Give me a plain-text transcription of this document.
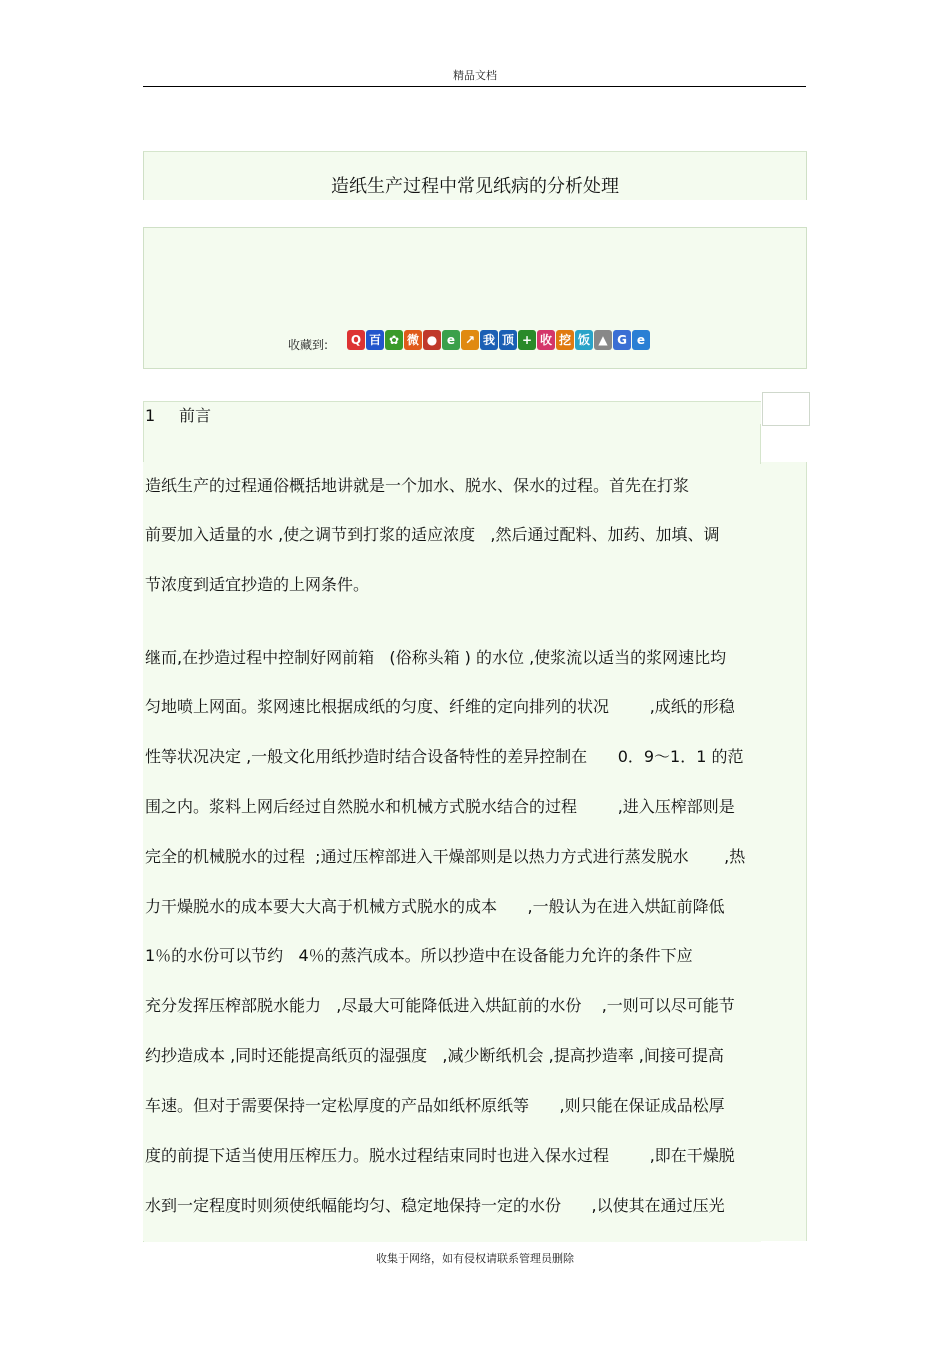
精品文档
造纸生产过程中常见纸病的分析处理
收藏到:	Q 百 ✿ 微 ● e ↗ 我 顶 + 收 挖 饭 ▲ G e
1 前言
造纸生产的过程通俗概括地讲就是一个加水、脱水、保水的过程。首先在打浆
前要加入适量的水 ,使之调节到打浆的适应浓度   ,然后通过配料、加药、加填、调
节浓度到适宜抄造的上网条件。
继而,在抄造过程中控制好网前箱   (俗称头箱 ) 的水位 ,使浆流以适当的浆网速比均
匀地喷上网面。浆网速比根据成纸的匀度、纤维的定向排列的状况        ,成纸的形稳
性等状况决定 ,一般文化用纸抄造时结合设备特性的差异控制在      0．9～1．1 的范
围之内。浆料上网后经过自然脱水和机械方式脱水结合的过程        ,进入压榨部则是
完全的机械脱水的过程  ;通过压榨部进入干燥部则是以热力方式进行蒸发脱水       ,热
力干燥脱水的成本要大大高于机械方式脱水的成本      ,一般认为在进入烘缸前降低
1％的水份可以节约   4％的蒸汽成本。所以抄造中在设备能力允许的条件下应
充分发挥压榨部脱水能力   ,尽最大可能降低进入烘缸前的水份    ,一则可以尽可能节
约抄造成本 ,同时还能提高纸页的湿强度   ,减少断纸机会 ,提高抄造率 ,间接可提高
车速。但对于需要保持一定松厚度的产品如纸杯原纸等      ,则只能在保证成品松厚
度的前提下适当使用压榨压力。脱水过程结束同时也进入保水过程        ,即在干燥脱
水到一定程度时则须使纸幅能均匀、稳定地保持一定的水份      ,以使其在通过压光
收集于网络，如有侵权请联系管理员删除
